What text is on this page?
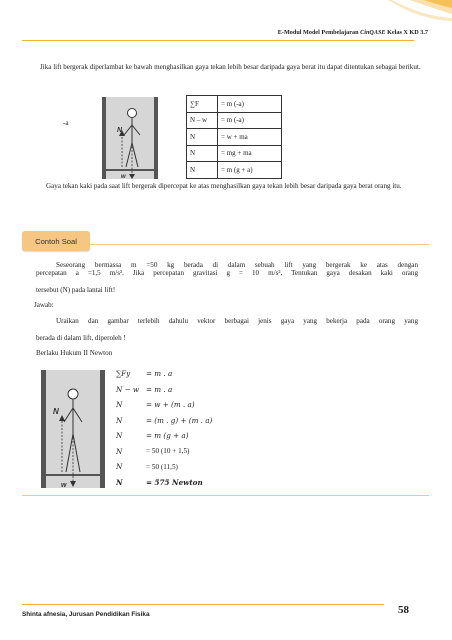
E-Modul Model Pembelajaran CinQASE Kelas X KD 3.7
Jika lift bergerak diperlambat ke bawah menghasilkan gaya tekan lebih besar daripada gaya berat itu dapat ditentukan sebagai berikut.
-a
N
w
∑F	= m (-a)
N – w	= m (-a)
N	= w + ma
N	= mg + ma
N	= m (g + a)
Gaya tekan kaki pada saat lift bergerak dipercepat ke atas menghasilkan gaya tekan lebih besar daripada gaya berat orang itu.
Contoh Soal
Seseorang bermassa m =50 kg berada di dalam sebuah lift yang bergerak ke atas dengan
percepatan a =1,5 m/s². Jika percepatan gravitasi g = 10 m/s², Tentukan gaya desakan kaki orang
tersebut (N) pada lantai lift!
Jawab:
Uraikan dan gambar terlebih dahulu vektor berbagai jenis gaya yang bekerja pada orang yang
berada di dalam lift, diperoleh !
Berlaku Hukum II Newton
N
w
∑Fy	= m . a
N − w	= m . a
N	= w + (m . a)
N	= (m . g) + (m . a)
N	= m (g + a)
N	= 50 (10 + 1,5)
N	= 50 (11,5)
N	= 575 Newton
Shinta afnesia, Jurusan Pendidikan Fisika	58
